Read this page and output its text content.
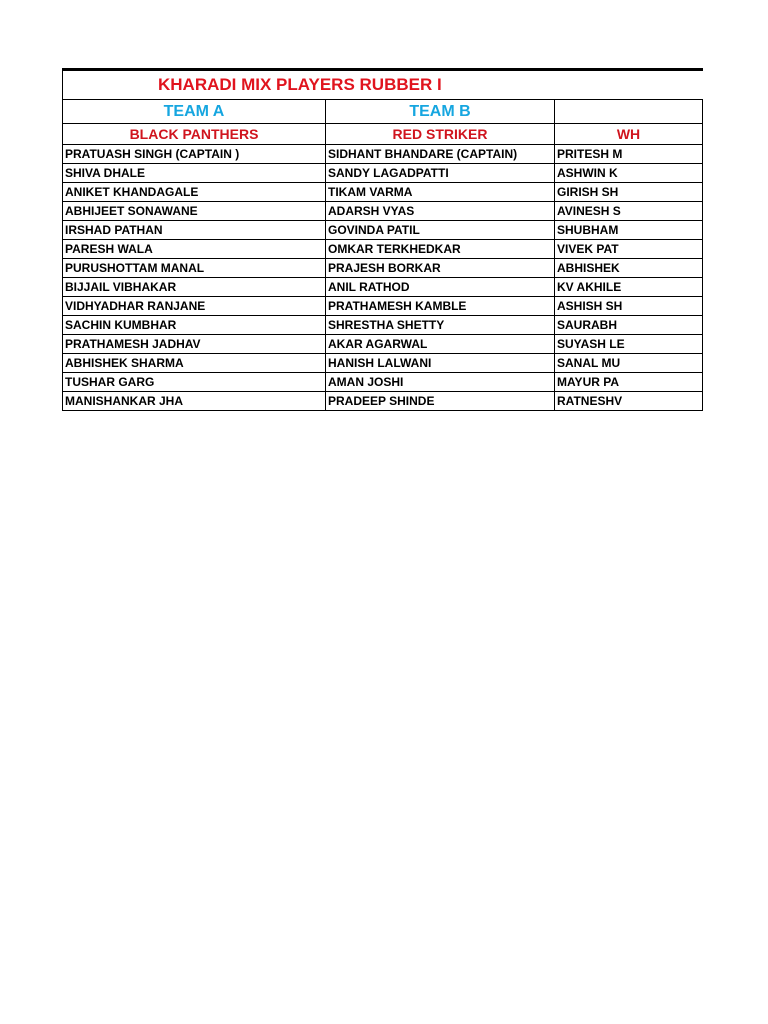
KHARADI MIX PLAYERS RUBBER I		
TEAM A	TEAM B	
BLACK PANTHERS	RED STRIKER	WH
PRATUASH SINGH (CAPTAIN )	SIDHANT BHANDARE (CAPTAIN)	PRITESH M
SHIVA DHALE	SANDY LAGADPATTI	ASHWIN K
ANIKET KHANDAGALE	TIKAM VARMA	GIRISH SH
ABHIJEET SONAWANE	ADARSH VYAS	AVINESH S
IRSHAD PATHAN	GOVINDA PATIL	SHUBHAM
PARESH WALA	OMKAR TERKHEDKAR	VIVEK PAT
PURUSHOTTAM MANAL	PRAJESH BORKAR	ABHISHEK
BIJJAIL VIBHAKAR	ANIL RATHOD	KV AKHILE
VIDHYADHAR RANJANE	PRATHAMESH KAMBLE	ASHISH SH
SACHIN KUMBHAR	SHRESTHA SHETTY	SAURABH
PRATHAMESH JADHAV	AKAR AGARWAL	SUYASH LE
ABHISHEK SHARMA	HANISH LALWANI	SANAL MU
TUSHAR GARG	AMAN JOSHI	MAYUR PA
MANISHANKAR JHA	PRADEEP SHINDE	RATNESHV
